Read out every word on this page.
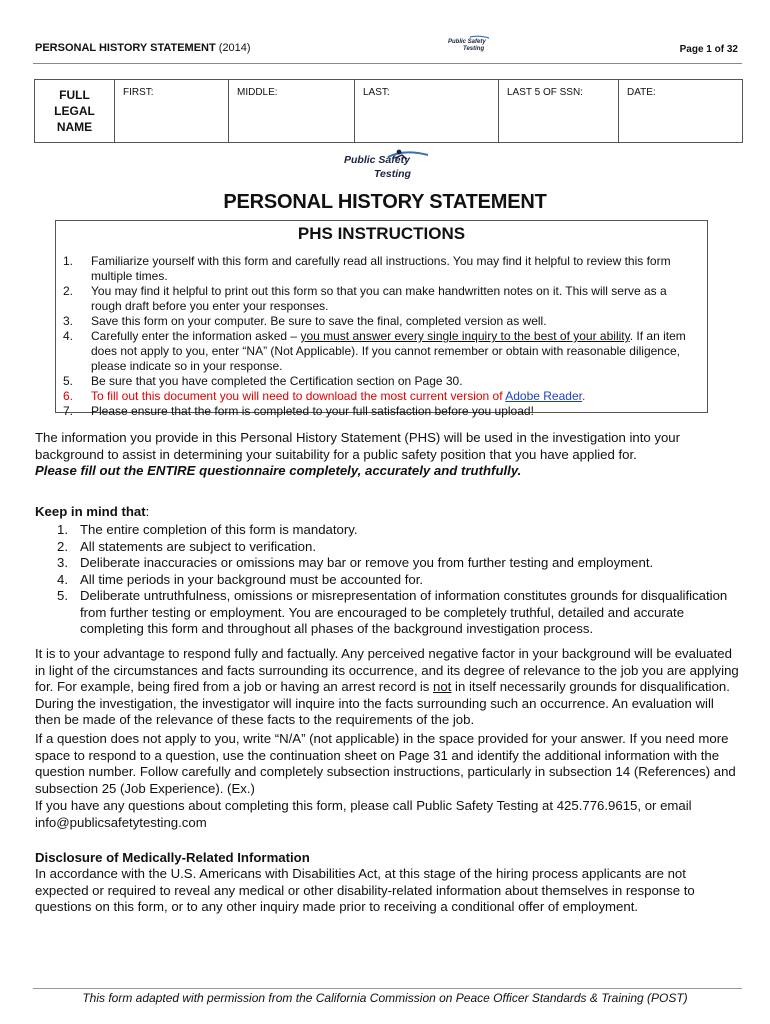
PERSONAL HISTORY STATEMENT (2014)	Public Safety
Testing	Page 1 of 32
FULL
LEGAL
NAME
	FIRST:	MIDDLE:	LAST:	LAST 5 OF SSN:	DATE:
Public Safety
Testing
PERSONAL HISTORY STATEMENT
PHS INSTRUCTIONS
1. Familiarize yourself with this form and carefully read all instructions. You may find it helpful to review this form multiple times.
2. You may find it helpful to print out this form so that you can make handwritten notes on it. This will serve as a rough draft before you enter your responses.
3. Save this form on your computer. Be sure to save the final, completed version as well.
4. Carefully enter the information asked – you must answer every single inquiry to the best of your ability. If an item does not apply to you, enter “NA” (Not Applicable). If you cannot remember or obtain with reasonable diligence, please indicate so in your response.
5. Be sure that you have completed the Certification section on Page 30.
6. To fill out this document you will need to download the most current version of Adobe Reader.
7. Please ensure that the form is completed to your full satisfaction before you upload!
The information you provide in this Personal History Statement (PHS) will be used in the investigation into your background to assist in determining your suitability for a public safety position that you have applied for.
Please fill out the ENTIRE questionnaire completely, accurately and truthfully.
Keep in mind that:
1. The entire completion of this form is mandatory.
2. All statements are subject to verification.
3. Deliberate inaccuracies or omissions may bar or remove you from further testing and employment.
4. All time periods in your background must be accounted for.
5. Deliberate untruthfulness, omissions or misrepresentation of information constitutes grounds for disqualification from further testing or employment. You are encouraged to be completely truthful, detailed and accurate completing this form and throughout all phases of the background investigation process.
It is to your advantage to respond fully and factually. Any perceived negative factor in your background will be evaluated in light of the circumstances and facts surrounding its occurrence, and its degree of relevance to the job you are applying for. For example, being fired from a job or having an arrest record is not in itself necessarily grounds for disqualification. During the investigation, the investigator will inquire into the facts surrounding such an occurrence. An evaluation will then be made of the relevance of these facts to the requirements of the job.
If a question does not apply to you, write “N/A” (not applicable) in the space provided for your answer. If you need more space to respond to a question, use the continuation sheet on Page 31 and identify the additional information with the question number. Follow carefully and completely subsection instructions, particularly in subsection 14 (References) and subsection 25 (Job Experience). (Ex.)
If you have any questions about completing this form, please call Public Safety Testing at 425.776.9615, or email info@publicsafetytesting.com
Disclosure of Medically-Related Information
In accordance with the U.S. Americans with Disabilities Act, at this stage of the hiring process applicants are not expected or required to reveal any medical or other disability-related information about themselves in response to questions on this form, or to any other inquiry made prior to receiving a conditional offer of employment.
This form adapted with permission from the California Commission on Peace Officer Standards & Training (POST)
